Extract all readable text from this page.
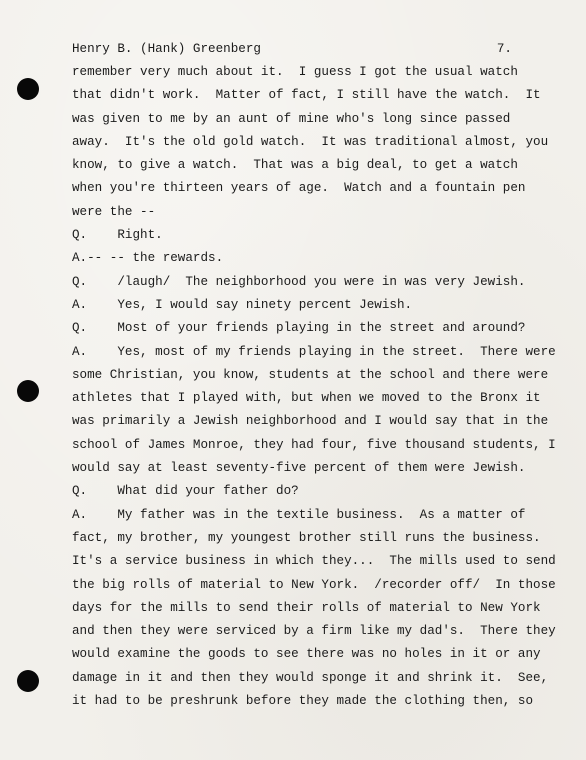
Henry B. (Hank) Greenberg	7.
remember very much about it.  I guess I got the usual watch
that didn't work.  Matter of fact, I still have the watch.  It
was given to me by an aunt of mine who's long since passed
away.  It's the old gold watch.  It was traditional almost, you
know, to give a watch.  That was a big deal, to get a watch
when you're thirteen years of age.  Watch and a fountain pen
were the --
Q.    Right.
A.-- -- the rewards.
Q.    /laugh/  The neighborhood you were in was very Jewish.
A.    Yes, I would say ninety percent Jewish.
Q.    Most of your friends playing in the street and around?
A.    Yes, most of my friends playing in the street.  There were
some Christian, you know, students at the school and there were
athletes that I played with, but when we moved to the Bronx it
was primarily a Jewish neighborhood and I would say that in the
school of James Monroe, they had four, five thousand students, I
would say at least seventy-five percent of them were Jewish.
Q.    What did your father do?
A.    My father was in the textile business.  As a matter of
fact, my brother, my youngest brother still runs the business.
It's a service business in which they...  The mills used to send
the big rolls of material to New York.  /recorder off/  In those
days for the mills to send their rolls of material to New York
and then they were serviced by a firm like my dad's.  There they
would examine the goods to see there was no holes in it or any
damage in it and then they would sponge it and shrink it.  See,
it had to be preshrunk before they made the clothing then, so
